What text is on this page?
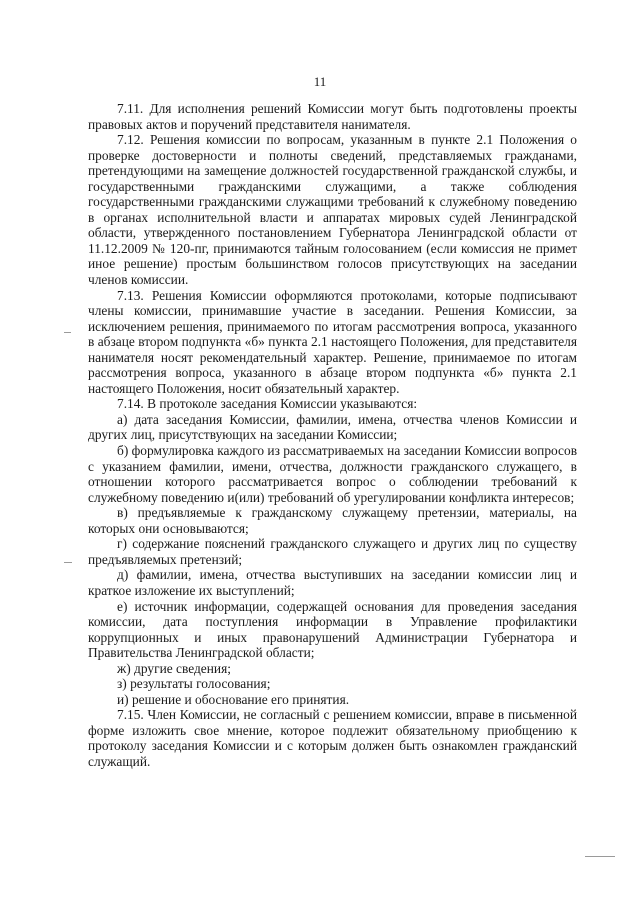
11

7.11. Для исполнения решений Комиссии могут быть подготовлены проекты правовых актов и поручений представителя нанимателя.

7.12. Решения комиссии по вопросам, указанным в пункте 2.1 Положения о проверке достоверности и полноты сведений, представляемых гражданами, претендующими на замещение должностей государственной гражданской службы, и государственными гражданскими служащими, а также соблюдения государственными гражданскими служащими требований к служебному поведению в органах исполнительной власти и аппаратах мировых судей Ленинградской области, утвержденного постановлением Губернатора Ленинградской области от 11.12.2009 № 120-пг, принимаются тайным голосованием (если комиссия не примет иное решение) простым большинством голосов присутствующих на заседании членов комиссии.

7.13. Решения Комиссии оформляются протоколами, которые подписывают члены комиссии, принимавшие участие в заседании. Решения Комиссии, за исключением решения, принимаемого по итогам рассмотрения вопроса, указанного в абзаце втором подпункта «б» пункта 2.1 настоящего Положения, для представителя нанимателя носят рекомендательный характер. Решение, принимаемое по итогам рассмотрения вопроса, указанного в абзаце втором подпункта «б» пункта 2.1 настоящего Положения, носит обязательный характер.

7.14. В протоколе заседания Комиссии указываются:

а) дата заседания Комиссии, фамилии, имена, отчества членов Комиссии и других лиц, присутствующих на заседании Комиссии;

б) формулировка каждого из рассматриваемых на заседании Комиссии вопросов с указанием фамилии, имени, отчества, должности гражданского служащего, в отношении которого рассматривается вопрос о соблюдении требований к служебному поведению и(или) требований об урегулировании конфликта интересов;

в) предъявляемые к гражданскому служащему претензии, материалы, на которых они основываются;

г) содержание пояснений гражданского служащего и других лиц по существу предъявляемых претензий;

д) фамилии, имена, отчества выступивших на заседании комиссии лиц и краткое изложение их выступлений;

е) источник информации, содержащей основания для проведения заседания комиссии, дата поступления информации в Управление профилактики коррупционных и иных правонарушений Администрации Губернатора и Правительства Ленинградской области;

ж) другие сведения;

з) результаты голосования;

и) решение и обоснование его принятия.

7.15. Член Комиссии, не согласный с решением комиссии, вправе в письменной форме изложить свое мнение, которое подлежит обязательному приобщению к протоколу заседания Комиссии и с которым должен быть ознакомлен гражданский служащий.
